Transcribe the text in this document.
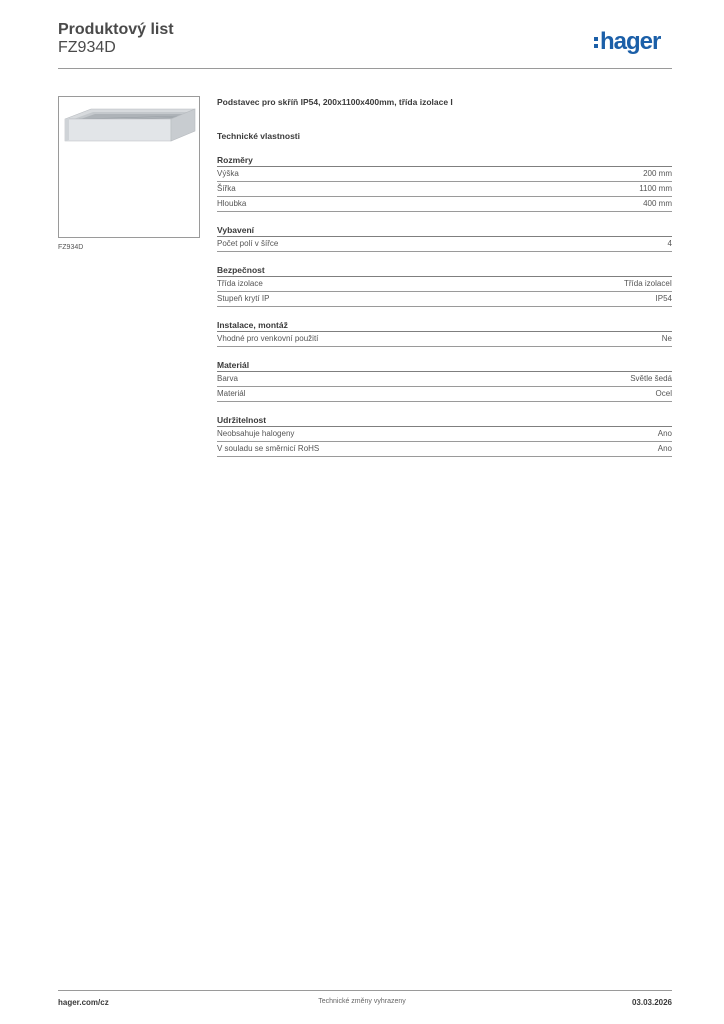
Produktový list
FZ934D	hager
FZ934D
Podstavec pro skříň IP54, 200x1100x400mm, třída izolace I
Technické vlastnosti
Rozměry
Výška	200 mm
Šířka	1100 mm
Hloubka	400 mm
Vybavení
Počet polí v šířce	4
Bezpečnost
Třída izolace	Třída izolaceI
Stupeň krytí IP	IP54
Instalace, montáž
Vhodné pro venkovní použití	Ne
Materiál
Barva	Světle šedá
Materiál	Ocel
Udržitelnost
Neobsahuje halogeny	Ano
V souladu se směrnicí RoHS	Ano
hager.com/cz	Technické změny vyhrazeny	03.03.2026
